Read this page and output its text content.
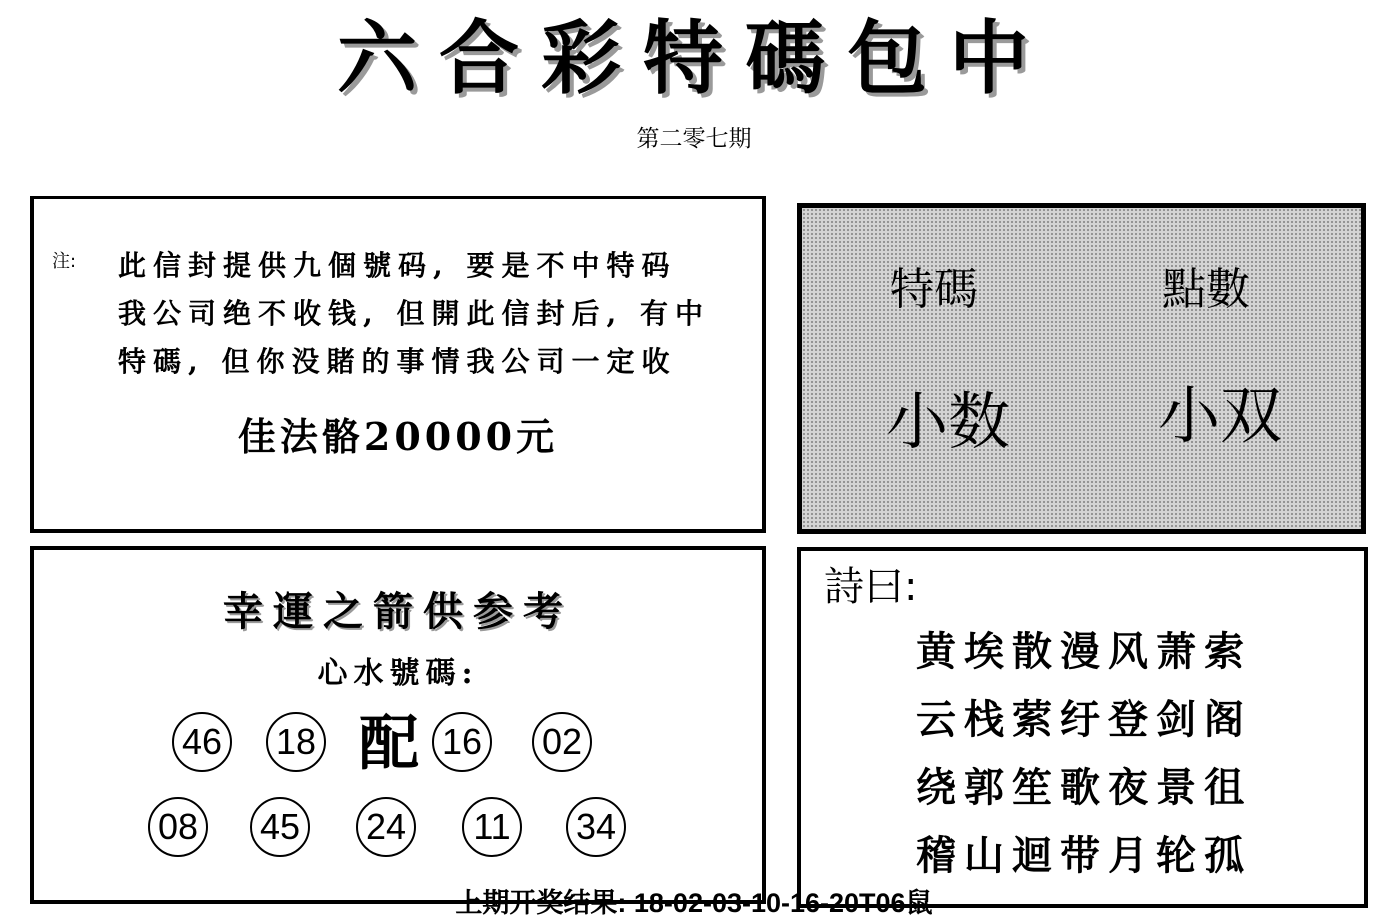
六合彩特碼包中
第二零七期
注: 此信封提供九個號码, 要是不中特码
我公司绝不收钱, 但開此信封后, 有中
特碼, 但你没賭的事情我公司一定收
佳法骼20000元
特碼	點數
小数 小双
幸運之箭供参考
心水號碼:
46 18 配 16 02
08 45 24	11	34
詩曰:
黄埃散漫风萧索
云栈萦纡登剑阁
绕郭笙歌夜景徂
稽山迴带月轮孤
上期开奖结果: 18-02-03-10-16-20T06鼠
